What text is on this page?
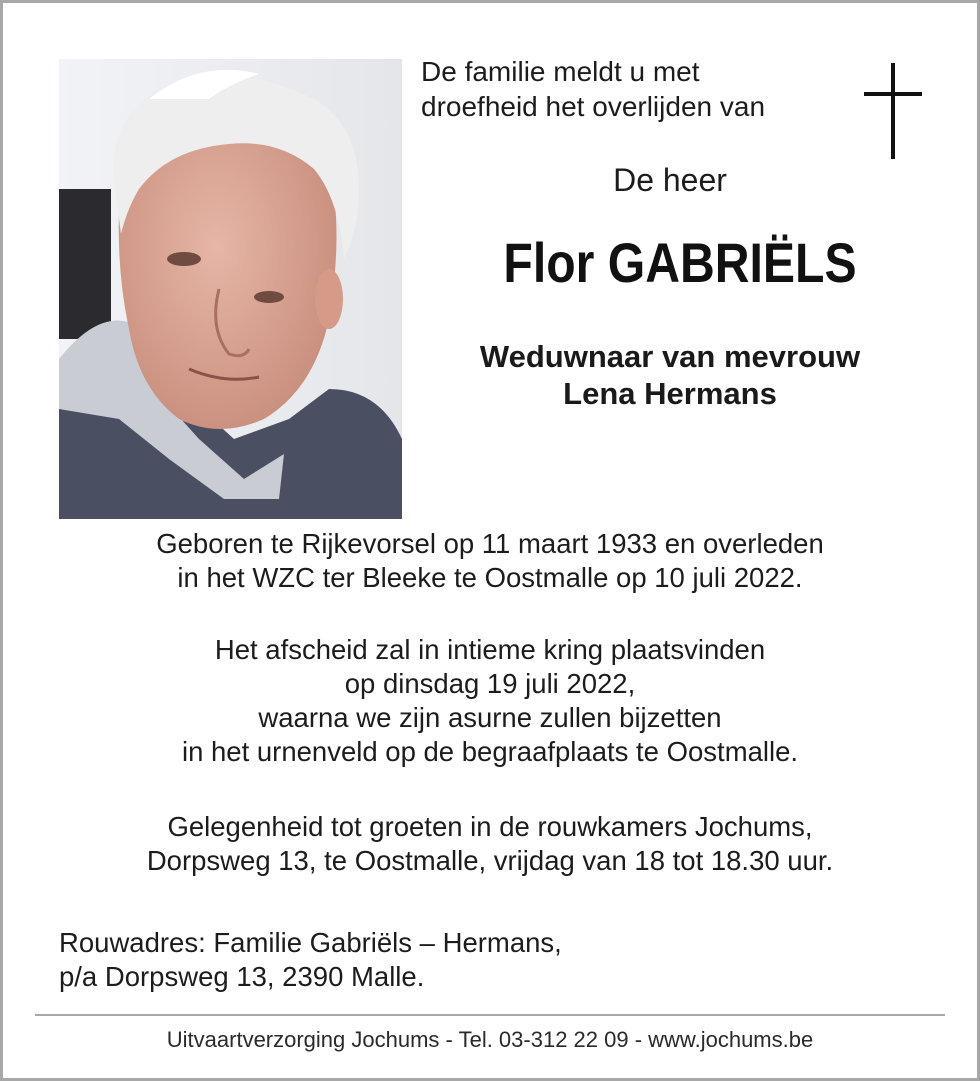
De familie meldt u met
droefheid het overlijden van
De heer
Flor GABRIËLS
Weduwnaar van mevrouw
Lena Hermans
Geboren te Rijkevorsel op 11 maart 1933 en overleden
in het WZC ter Bleeke te Oostmalle op 10 juli 2022.
Het afscheid zal in intieme kring plaatsvinden
op dinsdag 19 juli 2022,
waarna we zijn asurne zullen bijzetten
in het urnenveld op de begraafplaats te Oostmalle.
Gelegenheid tot groeten in de rouwkamers Jochums,
Dorpsweg 13, te Oostmalle, vrijdag van 18 tot 18.30 uur.
Rouwadres: Familie Gabriëls – Hermans,
p/a Dorpsweg 13, 2390 Malle.
Uitvaartverzorging Jochums - Tel. 03-312 22 09 - www.jochums.be
